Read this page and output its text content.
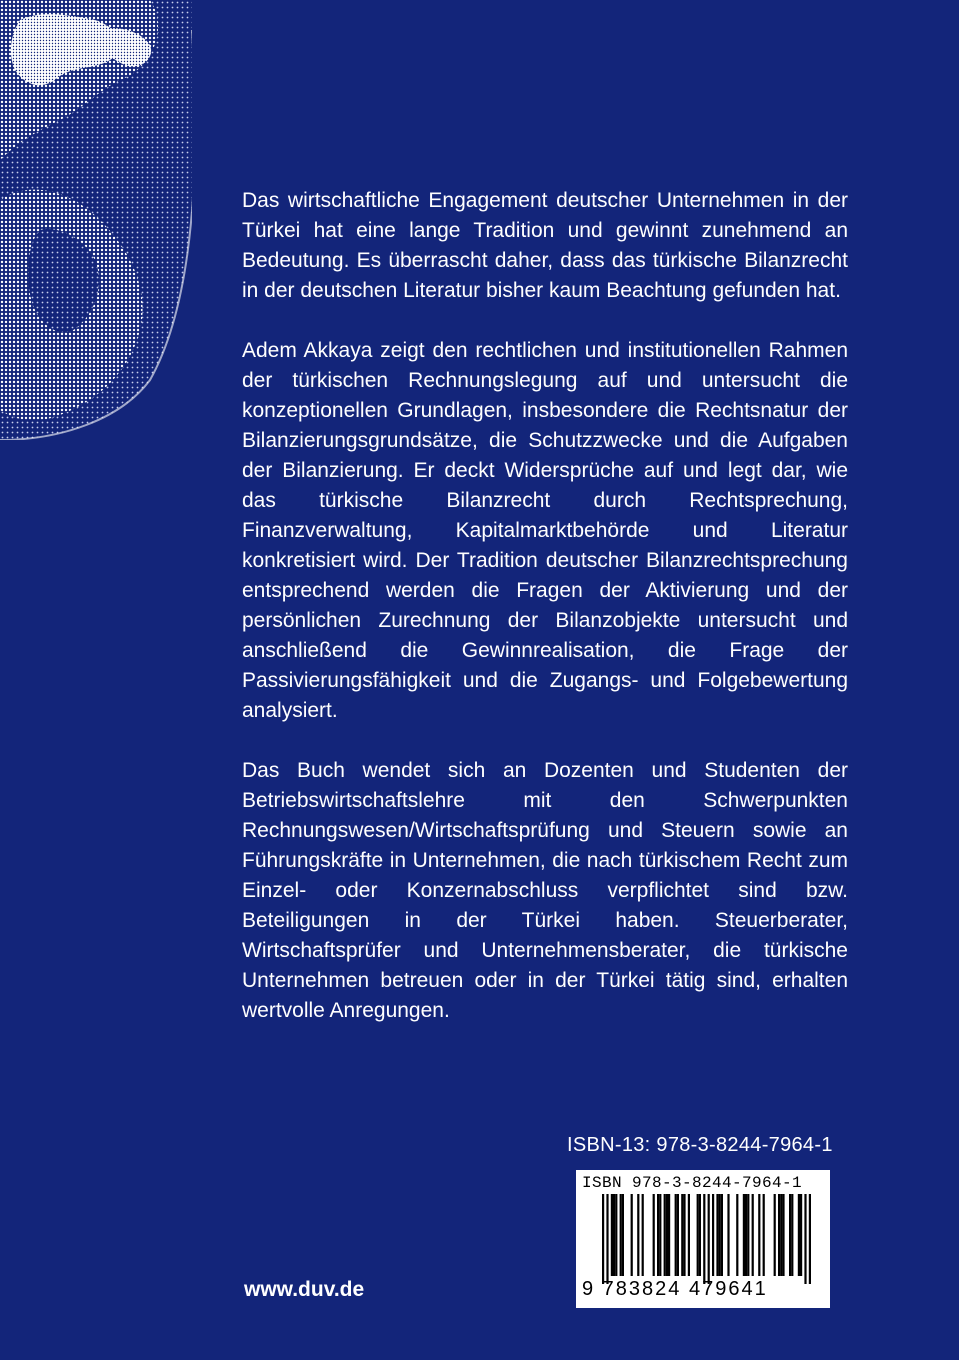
Das wirtschaftliche Engagement deutscher Unternehmen in der Türkei hat eine lange Tradition und gewinnt zunehmend an Bedeutung. Es überrascht daher, dass das türkische Bilanzrecht in der deutschen Literatur bisher kaum Beachtung gefunden hat.

Adem Akkaya zeigt den rechtlichen und institutionellen Rahmen der türkischen Rechnungslegung auf und untersucht die konzeptionellen Grundlagen, insbesondere die Rechtsnatur der Bilanzierungsgrundsätze, die Schutzzwecke und die Aufgaben der Bilanzierung. Er deckt Widersprüche auf und legt dar, wie das türkische Bilanzrecht durch Rechtsprechung, Finanzverwaltung, Kapitalmarktbehörde und Literatur konkretisiert wird. Der Tradition deutscher Bilanzrechtsprechung entsprechend werden die Fragen der Aktivierung und der persönlichen Zurechnung der Bilanzobjekte untersucht und anschließend die Gewinnrealisation, die Frage der Passivierungsfähigkeit und die Zugangs- und Folgebewertung analysiert.

Das Buch wendet sich an Dozenten und Studenten der Betriebswirtschaftslehre mit den Schwerpunkten Rechnungswesen/Wirtschaftsprüfung und Steuern sowie an Führungskräfte in Unternehmen, die nach türkischem Recht zum Einzel- oder Konzernabschluss verpflichtet sind bzw. Beteiligungen in der Türkei haben. Steuerberater, Wirtschaftsprüfer und Unternehmensberater, die türkische Unternehmen betreuen oder in der Türkei tätig sind, erhalten wertvolle Anregungen.

ISBN-13: 978-3-8244-7964-1
ISBN 978-3-8244-7964-1
9 783824 479641
www.duv.de
